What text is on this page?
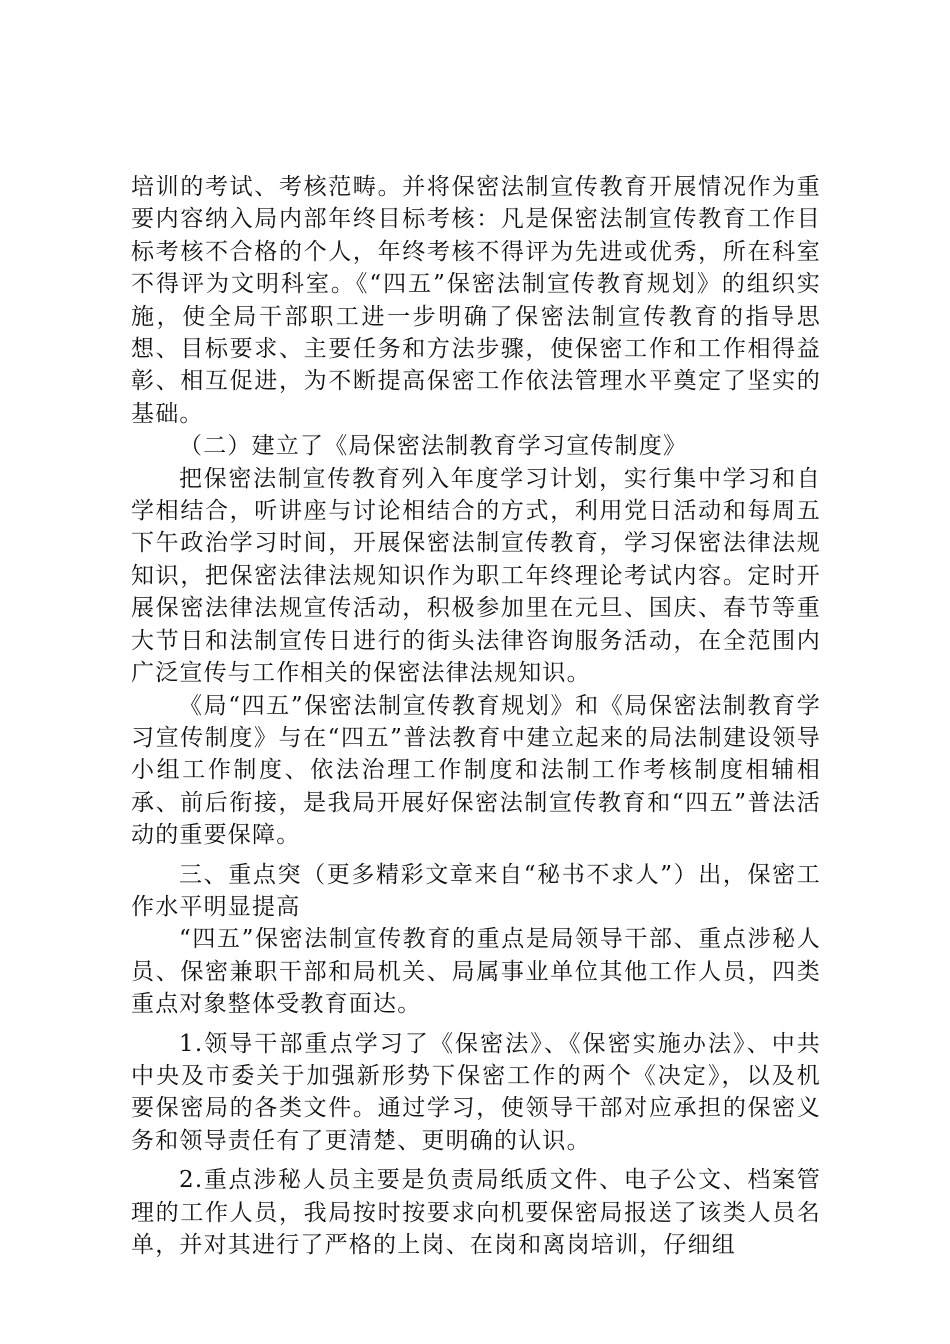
培训的考试、考核范畴。并将保密法制宣传教育开展情况作为重要内容纳入局内部年终目标考核：凡是保密法制宣传教育工作目标考核不合格的个人，年终考核不得评为先进或优秀，所在科室不得评为文明科室。《“四五”保密法制宣传教育规划》的组织实施，使全局干部职工进一步明确了保密法制宣传教育的指导思想、目标要求、主要任务和方法步骤，使保密工作和工作相得益彰、相互促进，为不断提高保密工作依法管理水平奠定了坚实的基础。

（二）建立了《局保密法制教育学习宣传制度》

把保密法制宣传教育列入年度学习计划，实行集中学习和自学相结合，听讲座与讨论相结合的方式，利用党日活动和每周五下午政治学习时间，开展保密法制宣传教育，学习保密法律法规知识，把保密法律法规知识作为职工年终理论考试内容。定时开展保密法律法规宣传活动，积极参加里在元旦、国庆、春节等重大节日和法制宣传日进行的街头法律咨询服务活动，在全范围内广泛宣传与工作相关的保密法律法规知识。

《局“四五”保密法制宣传教育规划》和《局保密法制教育学习宣传制度》与在“四五”普法教育中建立起来的局法制建设领导小组工作制度、依法治理工作制度和法制工作考核制度相辅相承、前后衔接，是我局开展好保密法制宣传教育和“四五”普法活动的重要保障。

三、重点突（更多精彩文章来自“秘书不求人”）出，保密工作水平明显提高

“四五”保密法制宣传教育的重点是局领导干部、重点涉秘人员、保密兼职干部和局机关、局属事业单位其他工作人员，四类重点对象整体受教育面达。

1.领导干部重点学习了《保密法》、《保密实施办法》、中共中央及市委关于加强新形势下保密工作的两个《决定》，以及机要保密局的各类文件。通过学习，使领导干部对应承担的保密义务和领导责任有了更清楚、更明确的认识。

2.重点涉秘人员主要是负责局纸质文件、电子公文、档案管理的工作人员，我局按时按要求向机要保密局报送了该类人员名单，并对其进行了严格的上岗、在岗和离岗培训，仔细组
